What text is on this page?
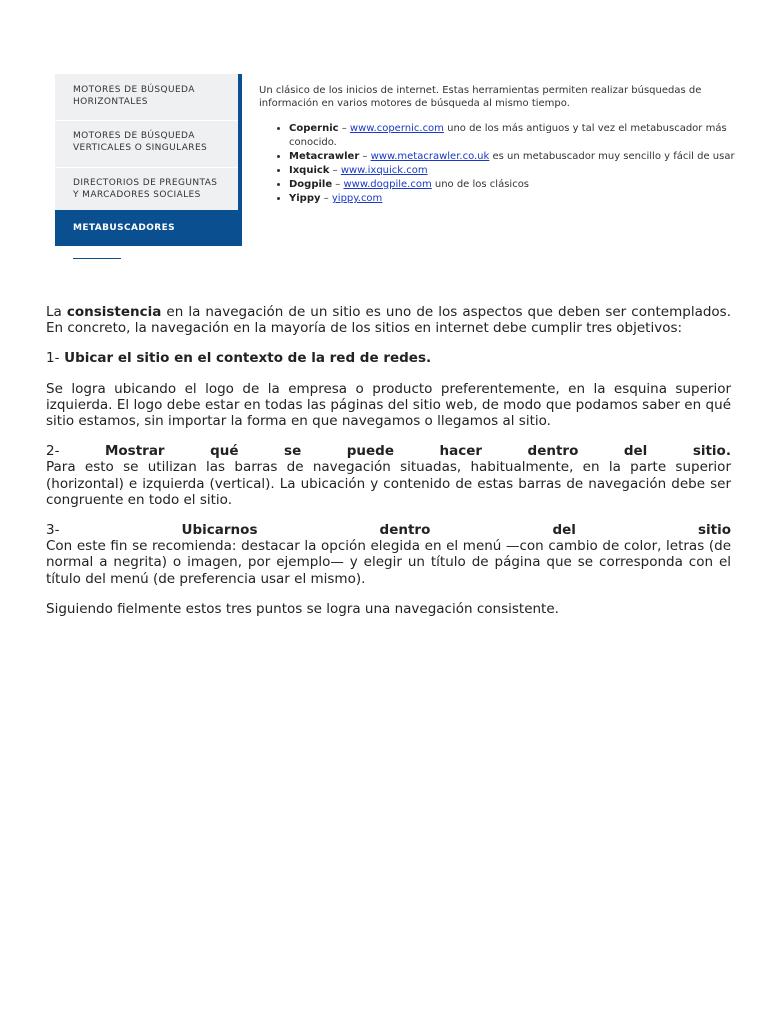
MOTORES DE BÚSQUEDA
HORIZONTALES
MOTORES DE BÚSQUEDA
VERTICALES O SINGULARES
DIRECTORIOS DE PREGUNTAS
Y MARCADORES SOCIALES
METABUSCADORES
Un clásico de los inicios de internet. Estas herramientas permiten realizar búsquedas de información en varios motores de búsqueda al mismo tiempo.
• Copernic – www.copernic.com uno de los más antiguos y tal vez el metabuscador más conocido.
• Metacrawler – www.metacrawler.co.uk es un metabuscador muy sencillo y fácil de usar
• Ixquick – www.ixquick.com
• Dogpile – www.dogpile.com uno de los clásicos
• Yippy – yippy.com

La consistencia en la navegación de un sitio es uno de los aspectos que deben ser contemplados. En concreto, la navegación en la mayoría de los sitios en internet debe cumplir tres objetivos:

1- Ubicar el sitio en el contexto de la red de redes.

Se logra ubicando el logo de la empresa o producto preferentemente, en la esquina superior izquierda. El logo debe estar en todas las páginas del sitio web, de modo que podamos saber en qué sitio estamos, sin importar la forma en que navegamos o llegamos al sitio.

2-	Mostrar	qué	se	puede	hacer	dentro	del	sitio.
Para esto se utilizan las barras de navegación situadas, habitualmente, en la parte superior (horizontal) e izquierda (vertical). La ubicación y contenido de estas barras de navegación debe ser congruente en todo el sitio.

3-	Ubicarnos	dentro	del	sitio
Con este fin se recomienda: destacar la opción elegida en el menú —con cambio de color, letras (de normal a negrita) o imagen, por ejemplo— y elegir un título de página que se corresponda con el título del menú (de preferencia usar el mismo).

Siguiendo fielmente estos tres puntos se logra una navegación consistente.
